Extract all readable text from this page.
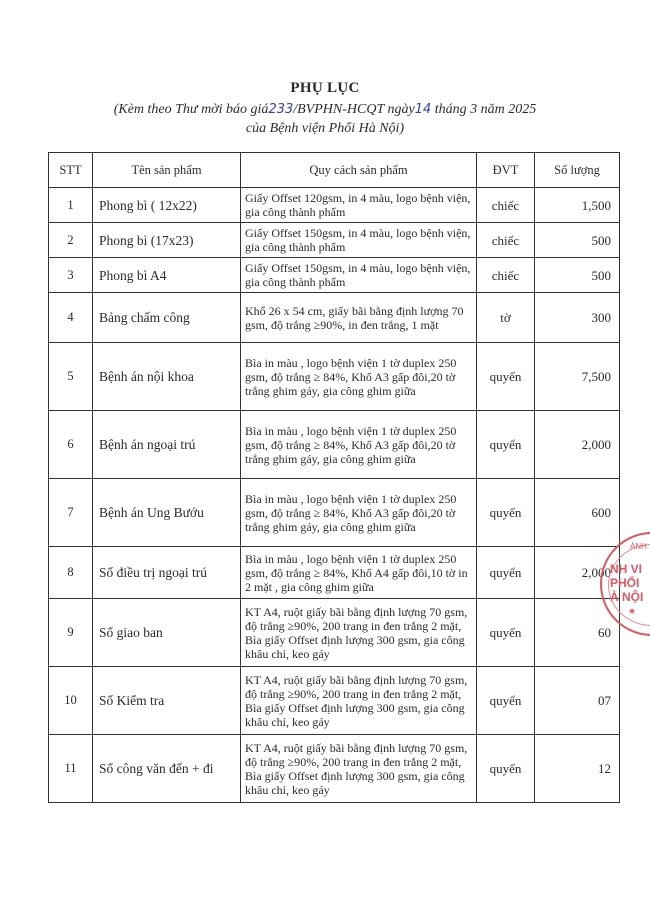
PHỤ LỤC
(Kèm theo Thư mời báo giá233/BVPHN-HCQT ngày14 tháng 3 năm 2025
của Bệnh viện Phổi Hà Nội)
STT	Tên sản phẩm	Quy cách sản phẩm	ĐVT	Số lượng
1	Phong bì ( 12x22)	Giấy Offset 120gsm, in 4 màu, logo bệnh viện, gia công thành phẩm	chiếc	1,500
2	Phong bì (17x23)	Giấy Offset 150gsm, in 4 màu, logo bệnh viện, gia công thành phẩm	chiếc	500
3	Phong bì A4	Giấy Offset 150gsm, in 4 màu, logo bệnh viện, gia công thành phẩm	chiếc	500
4	Bảng chấm công	Khổ 26 x 54 cm, giấy bãi bằng định lượng 70 gsm, độ trắng ≥90%, in đen trắng, 1 mặt	tờ	300
5	Bệnh án nội khoa	Bìa in màu , logo bệnh viện 1 tờ duplex 250 gsm, độ trắng ≥ 84%, Khổ A3 gấp đôi,20 tờ trắng ghim gáy, gia công ghim giữa	quyển	7,500
6	Bệnh án ngoại trú	Bìa in màu , logo bệnh viện 1 tờ duplex 250 gsm, độ trắng ≥ 84%, Khổ A3 gấp đôi,20 tờ trắng ghim gáy, gia công ghim giữa	quyển	2,000
7	Bệnh án Ung Bướu	Bìa in màu , logo bệnh viện 1 tờ duplex 250 gsm, độ trắng ≥ 84%, Khổ A3 gấp đôi,20 tờ trắng ghim gáy, gia công ghim giữa	quyển	600
8	Sổ điều trị ngoại trú	Bìa in màu , logo bệnh viện 1 tờ duplex 250 gsm, độ trắng ≥ 84%, Khổ A4 gấp đôi,10 tờ in 2 mặt , gia công ghim giữa	quyển	2,000
9	Sổ giao ban	KT A4, ruột giấy bãi bằng định lượng 70 gsm, độ trắng ≥90%, 200 trang in đen trắng 2 mặt, Bìa giấy Offset định lượng 300 gsm, gia công khâu chỉ, keo gáy	quyển	60
10	Sổ Kiểm tra	KT A4, ruột giấy bãi bằng định lượng 70 gsm, độ trắng ≥90%, 200 trang in đen trắng 2 mặt, Bìa giấy Offset định lượng 300 gsm, gia công khâu chỉ, keo gáy	quyển	07
11	Sổ công văn đến + đi	KT A4, ruột giấy bãi bằng định lượng 70 gsm, độ trắng ≥90%, 200 trang in đen trắng 2 mặt, Bìa giấy Offset định lượng 300 gsm, gia công khâu chỉ, keo gáy	quyển	12
ÀNH
NH VI
PHỔI
À NỘI
★
